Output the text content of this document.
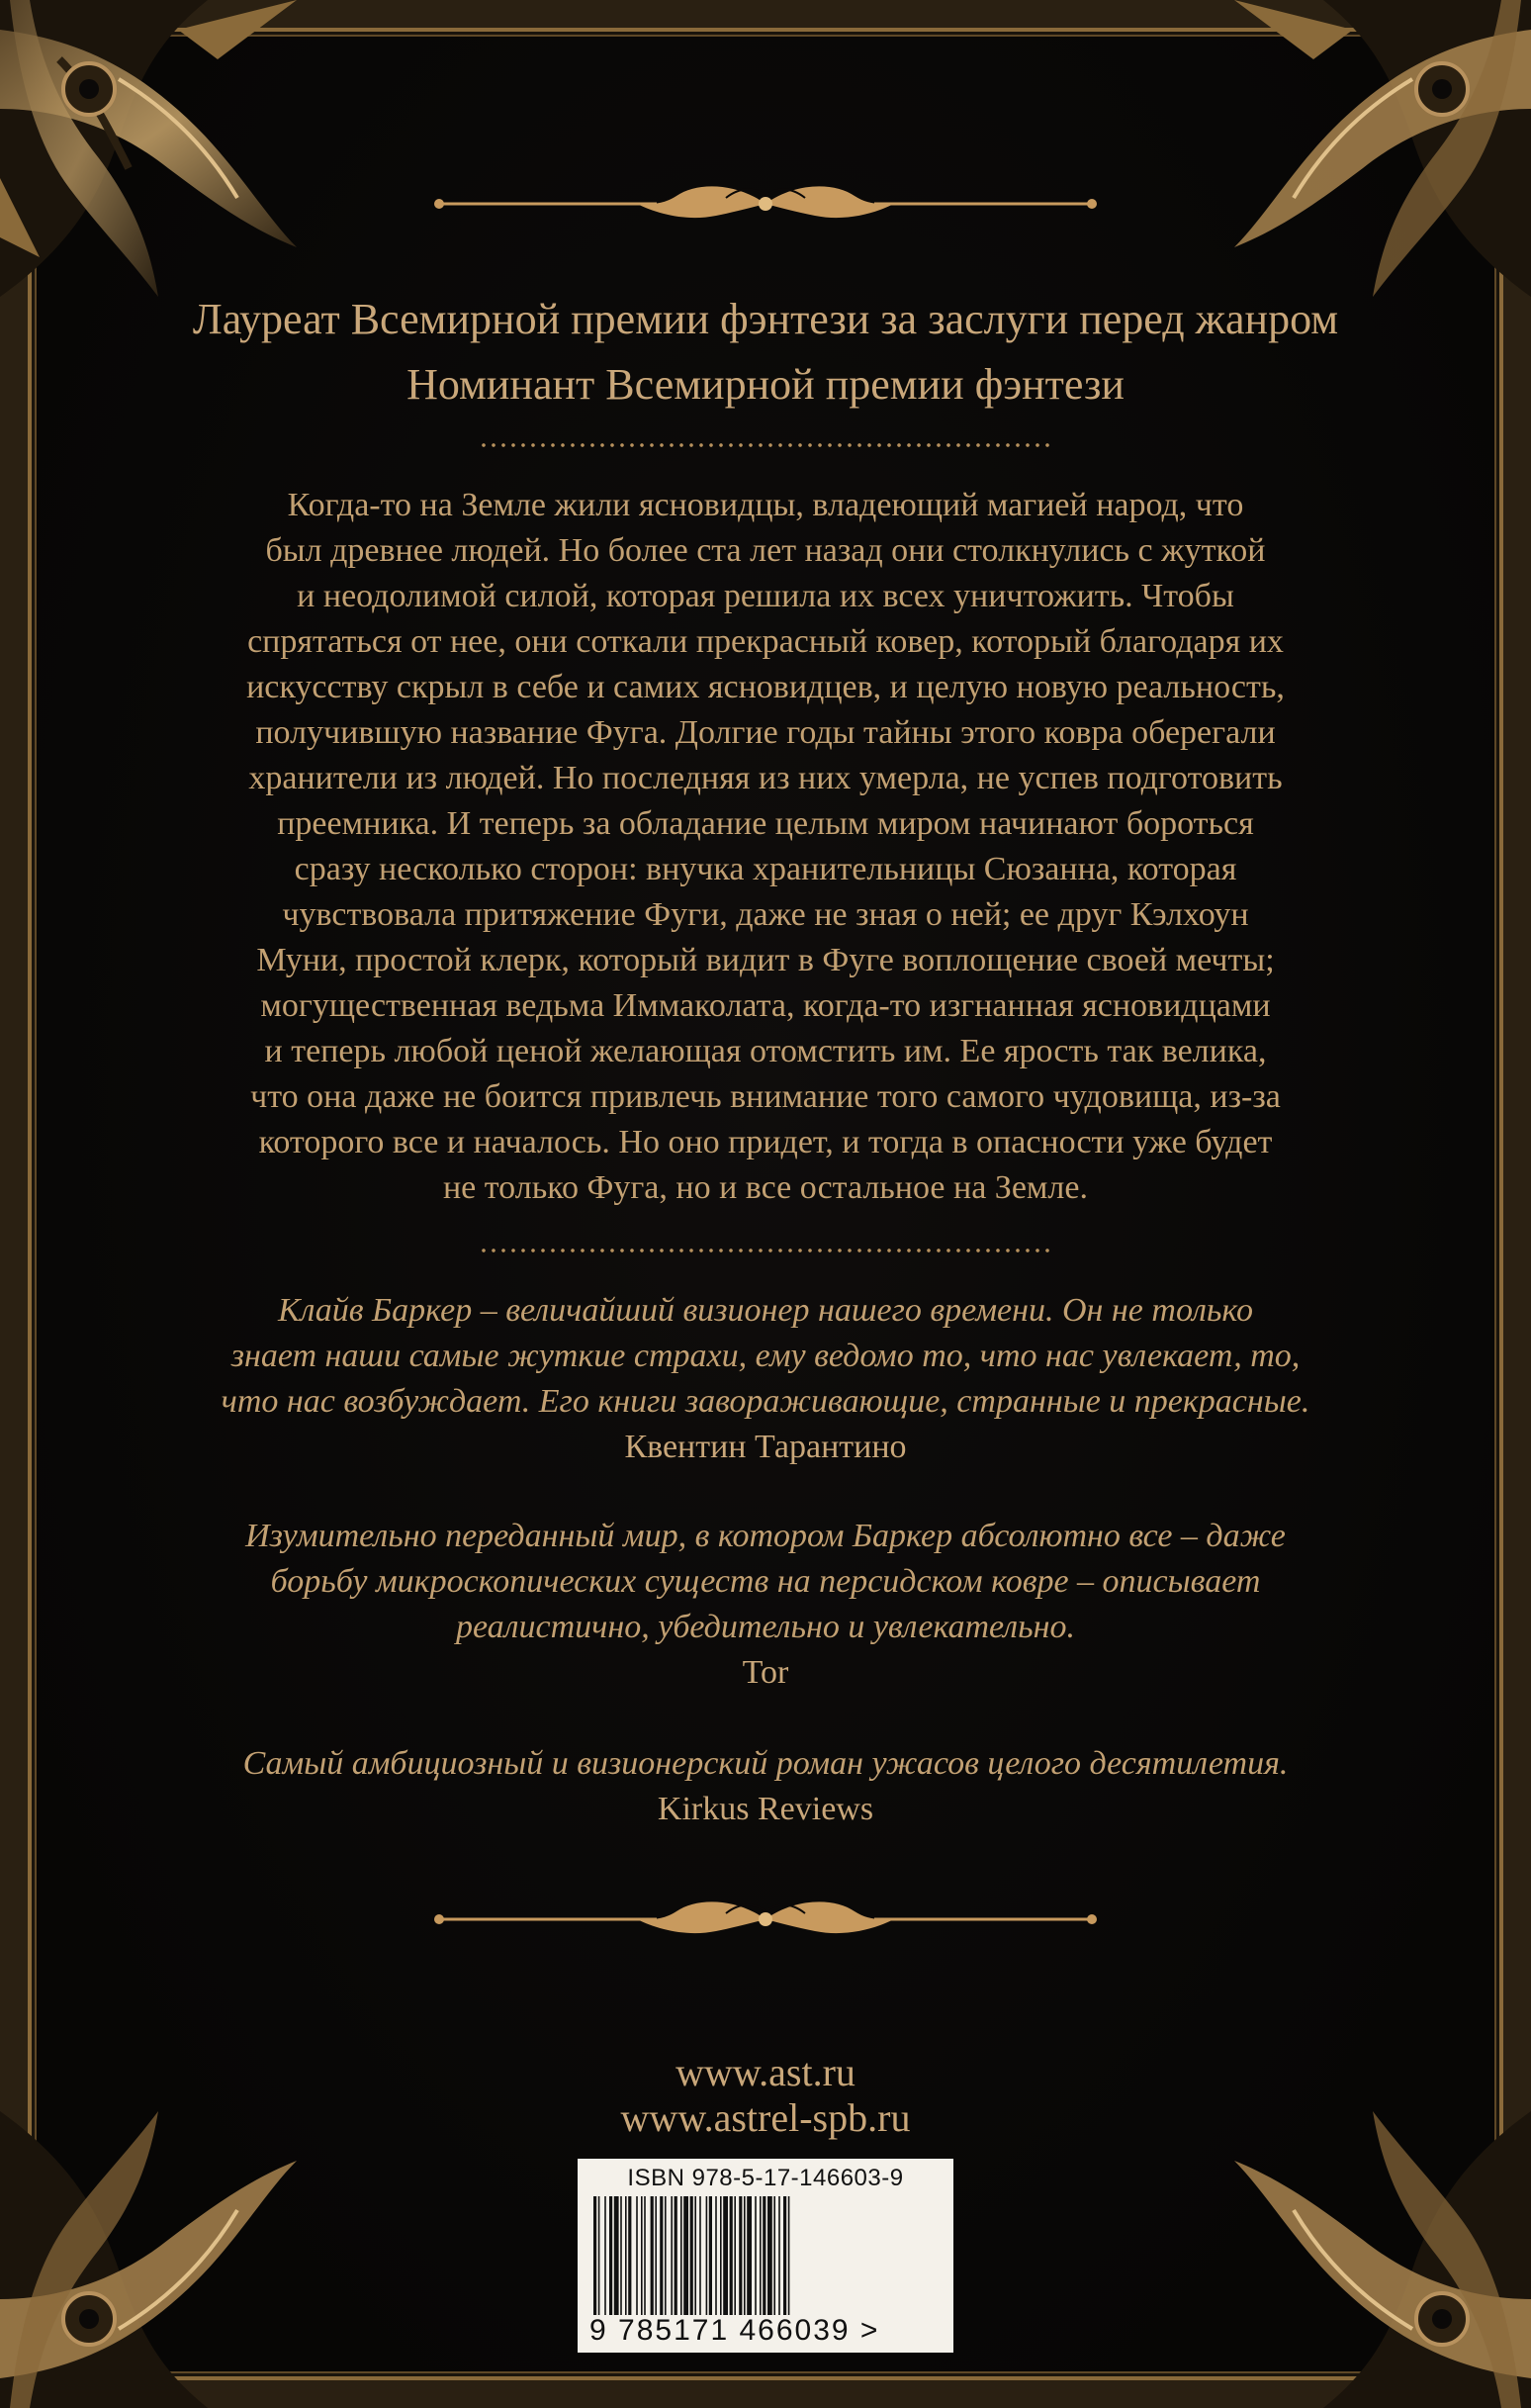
Лауреат Всемирной премии фэнтези за заслуги перед жанром
Номинант Всемирной премии фэнтези
Когда-то на Земле жили ясновидцы, владеющий магией народ, что
был древнее людей. Но более ста лет назад они столкнулись с жуткой
и неодолимой силой, которая решила их всех уничтожить. Чтобы
спрятаться от нее, они соткали прекрасный ковер, который благодаря их
искусству скрыл в себе и самих ясновидцев, и целую новую реальность,
получившую название Фуга. Долгие годы тайны этого ковра оберегали
хранители из людей. Но последняя из них умерла, не успев подготовить
преемника. И теперь за обладание целым миром начинают бороться
сразу несколько сторон: внучка хранительницы Сюзанна, которая
чувствовала притяжение Фуги, даже не зная о ней; ее друг Кэлхоун
Муни, простой клерк, который видит в Фуге воплощение своей мечты;
могущественная ведьма Иммаколата, когда-то изгнанная ясновидцами
и теперь любой ценой желающая отомстить им. Ее ярость так велика,
что она даже не боится привлечь внимание того самого чудовища, из-за
которого все и началось. Но оно придет, и тогда в опасности уже будет
не только Фуга, но и все остальное на Земле.
Клайв Баркер – величайший визионер нашего времени. Он не только
знает наши самые жуткие страхи, ему ведомо то, что нас увлекает, то,
что нас возбуждает. Его книги завораживающие, странные и прекрасные.
Квентин Тарантино
Изумительно переданный мир, в котором Баркер абсолютно все – даже
борьбу микроскопических существ на персидском ковре – описывает
реалистично, убедительно и увлекательно.
Tor
Самый амбициозный и визионерский роман ужасов целого десятилетия.
Kirkus Reviews
www.ast.ru
www.astrel-spb.ru
ISBN 978-5-17-146603-9
9 785171 466039 >
